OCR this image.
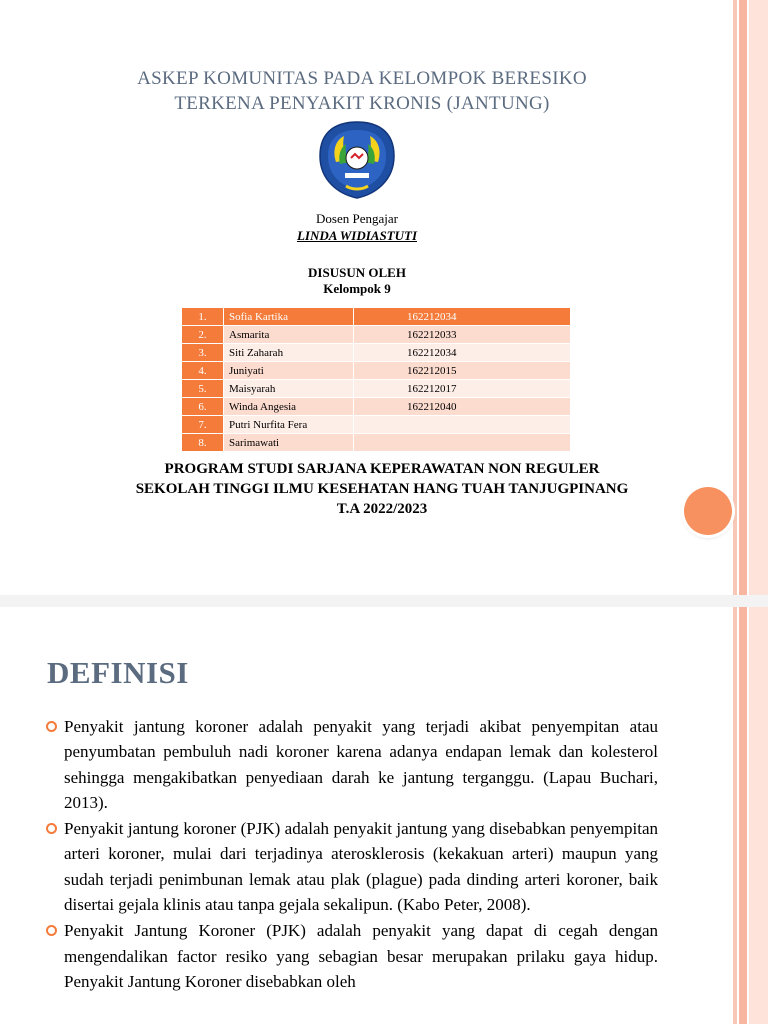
ASKEP KOMUNITAS PADA KELOMPOK BERESIKO
TERKENA PENYAKIT KRONIS (JANTUNG)
Dosen Pengajar
LINDA WIDIASTUTI
DISUSUN OLEH
Kelompok 9
1.	Sofia Kartika	162212034
2.	Asmarita	162212033
3.	Siti Zaharah	162212034
4.	Juniyati	162212015
5.	Maisyarah	162212017
6.	Winda Angesia	162212040
7.	Putri Nurfita Fera	
8.	Sarimawati	
PROGRAM STUDI SARJANA KEPERAWATAN NON REGULER
SEKOLAH TINGGI ILMU KESEHATAN HANG TUAH TANJUGPINANG
T.A 2022/2023
DEFINISI
Penyakit jantung koroner adalah penyakit yang terjadi akibat penyempitan atau penyumbatan pembuluh nadi koroner karena adanya endapan lemak dan kolesterol sehingga mengakibatkan penyediaan darah ke jantung terganggu. (Lapau Buchari, 2013).
Penyakit jantung koroner (PJK) adalah penyakit jantung yang disebabkan penyempitan arteri koroner, mulai dari terjadinya aterosklerosis (kekakuan arteri) maupun yang sudah terjadi penimbunan lemak atau plak (plague) pada dinding arteri koroner, baik disertai gejala klinis atau tanpa gejala sekalipun. (Kabo Peter, 2008).
Penyakit Jantung Koroner (PJK) adalah penyakit yang dapat di cegah dengan mengendalikan factor resiko yang sebagian besar merupakan prilaku gaya hidup. Penyakit Jantung Koroner disebabkan oleh
